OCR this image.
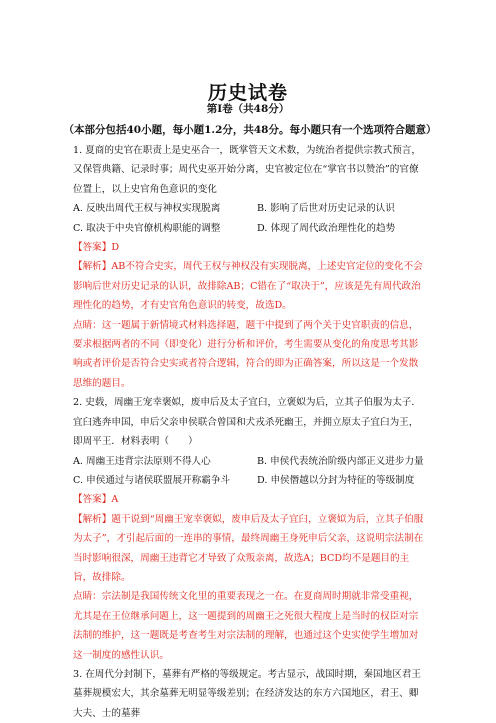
历史试卷
第I卷（共48分）
（本部分包括40小题，每小题1.2分，共48分。每小题只有一个选项符合题意）

1. 夏商的史官在职责上是史巫合一，既掌管天文术数，为统治者提供宗教式预言，又保管典籍、记录时事；周代史巫开始分离，史官被定位在“掌官书以赞治”的官僚位置上，以上史官角色意识的变化

A. 反映出周代王权与神权实现脱离	B. 影响了后世对历史记录的认识
C. 取决于中央官僚机构职能的调整	D. 体现了周代政治理性化的趋势

【答案】D

【解析】AB不符合史实，周代王权与神权没有实现脱离，上述史官定位的变化不会影响后世对历史记录的认识，故排除AB；C错在了“取决于”，应该是先有周代政治理性化的趋势，才有史官角色意识的转变，故选D。

点睛：这一题属于新情境式材料选择题，题干中提到了两个关于史官职责的信息，要求根据两者的不同（即变化）进行分析和评价，考生需要从变化的角度思考其影响或者评价是否符合史实或者符合逻辑，符合的即为正确答案，所以这是一个发散思维的题目。

2. 史载，周幽王宠幸褒姒，废申后及太子宜臼，立褒姒为后，立其子伯服为太子．宜臼逃奔申国，申后父亲申侯联合曾国和犬戎杀死幽王，并拥立原太子宜臼为王，即周平王．材料表明（　　）

A. 周幽王违背宗法原则不得人心	B. 申侯代表统治阶级内部正义进步力量
C. 申侯通过与诸侯联盟展开称霸争斗	D. 申侯僭越以分封为特征的等级制度

【答案】A

【解析】题干说到“周幽王宠幸褒姒，废申后及太子宜臼，立褒姒为后，立其子伯服为太子”，才引起后面的一连串的事情，最终周幽王身死申后父亲，这说明宗法制在当时影响很深，周幽王违背它才导致了众叛亲离，故选A；BCD均不是题目的主旨，故排除。

点睛：宗法制是我国传统文化里的重要表现之一在。在夏商周时期就非常受重视，尤其是在王位继承问题上，这一题提到的周幽王之死很大程度上是当时的权臣对宗法制的维护，这一题既是考查考生对宗法制的理解，也通过这个史实使学生增加对这一制度的感性认识。

3. 在周代分封制下，墓葬有严格的等级规定。考古显示，战国时期，秦国地区君王墓葬规模宏大，其余墓葬无明显等级差别；在经济发达的东方六国地区，君王、卿大夫、士的墓葬
